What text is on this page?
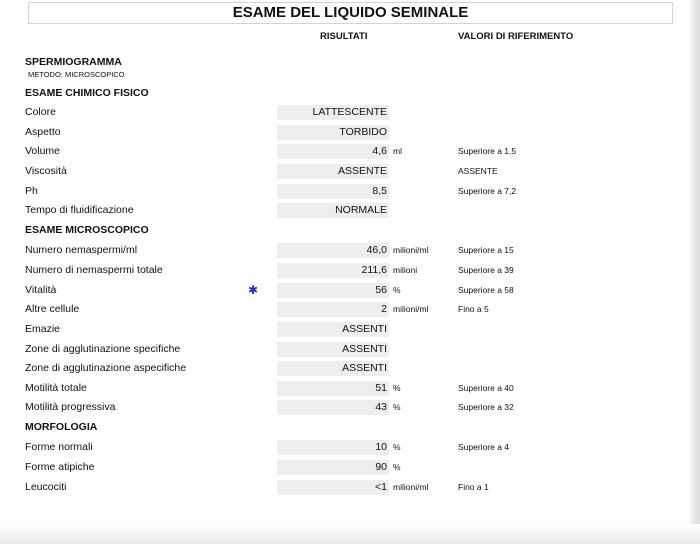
ESAME DEL LIQUIDO SEMINALE
RISULTATI	VALORI DI RIFERIMENTO
SPERMIOGRAMMA
METODO: MICROSCOPICO
ESAME CHIMICO FISICO
Colore	LATTESCENTE
Aspetto	TORBIDO
Volume	4,6 ml	Superiore a 1,5
Viscosità	ASSENTE	ASSENTE
Ph	8,5	Superiore a 7,2
Tempo di fluidificazione	NORMALE
ESAME MICROSCOPICO
Numero nemaspermi/ml	46,0 milioni/ml	Superiore a 15
Numero di nemaspermi totale	211,6 milioni	Superiore a 39
Vitalità	✱	56 %	Superiore a 58
Altre cellule	2 milioni/ml	Fino a 5
Emazie	ASSENTI
Zone di agglutinazione specifiche	ASSENTI
Zone di agglutinazione aspecifiche	ASSENTI
Motilità totale	51 %	Superiore a 40
Motilità progressiva	43 %	Superiore a 32
MORFOLOGIA
Forme normali	10 %	Superiore a 4
Forme atipiche	90 %
Leucociti	<1 milioni/ml	Fino a 1
